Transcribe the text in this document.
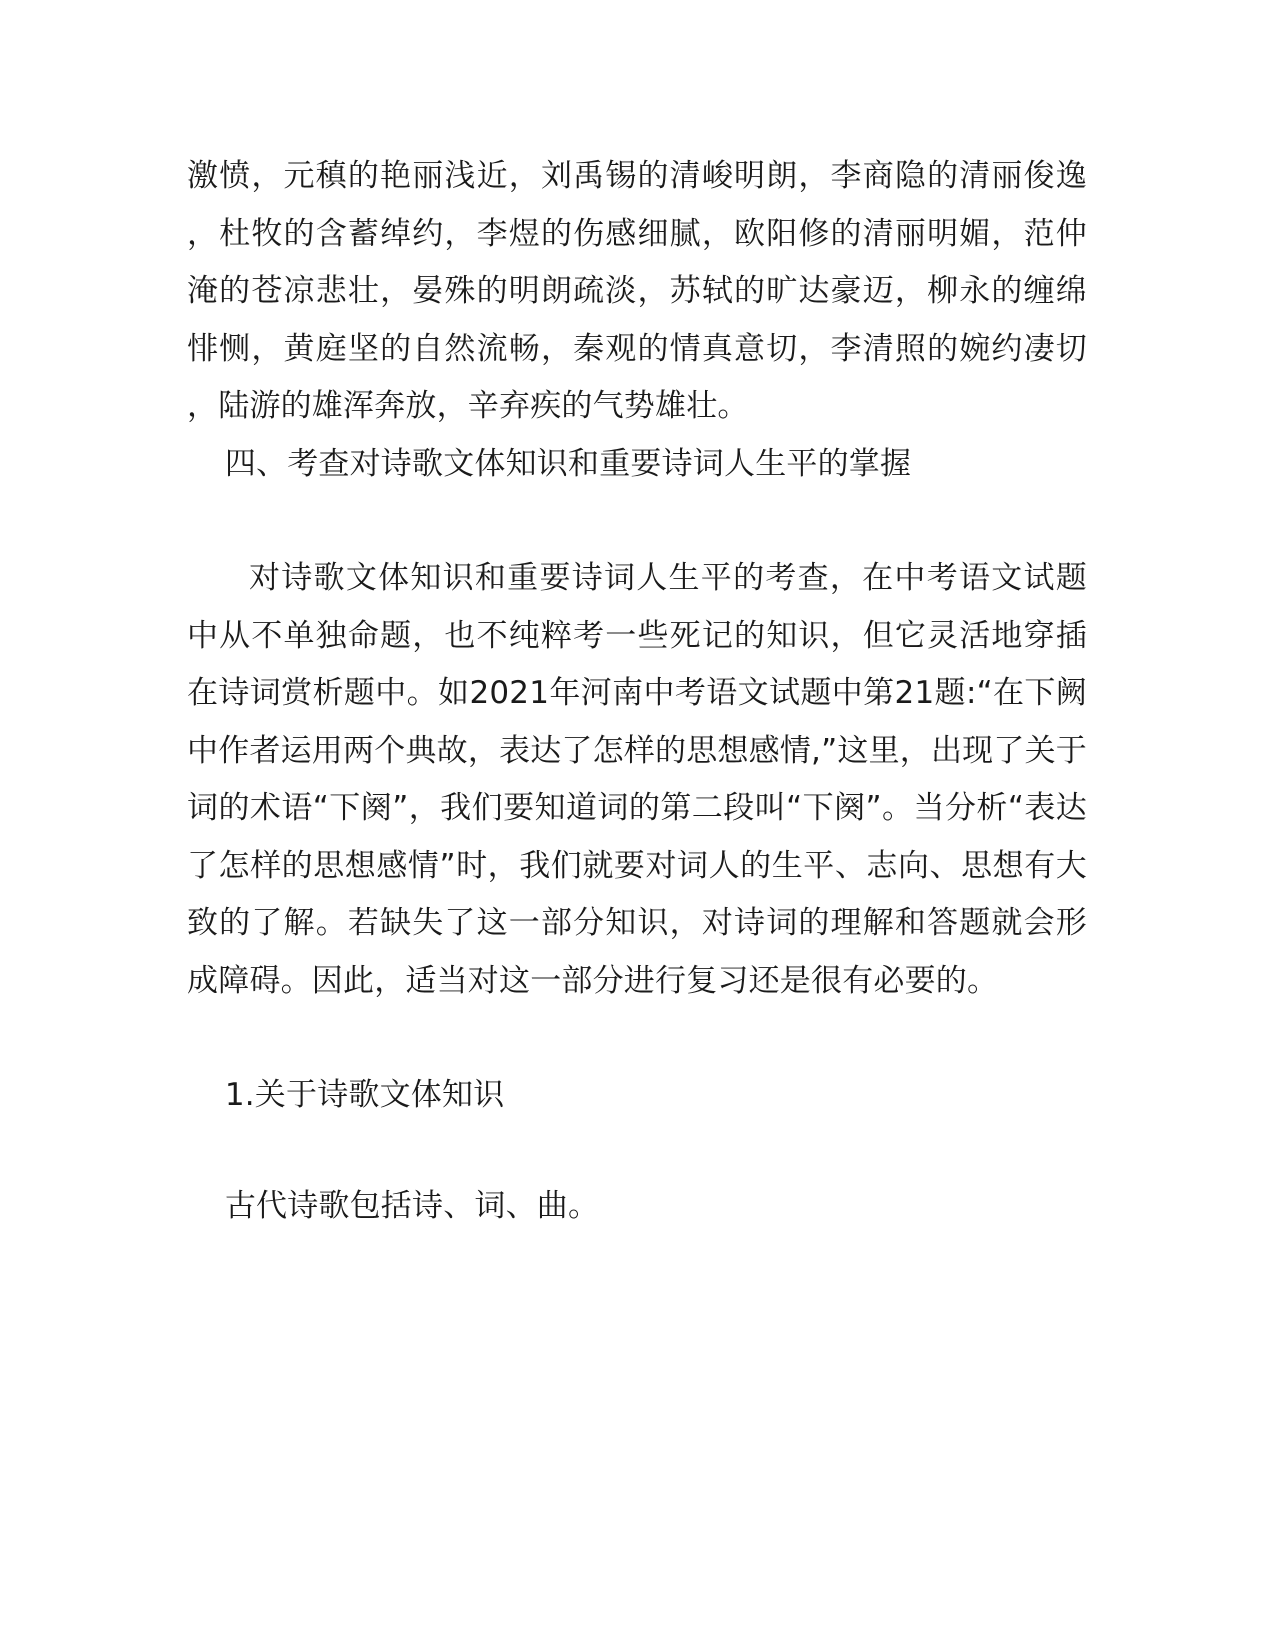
激愤，元稹的艳丽浅近，刘禹锡的清峻明朗，李商隐的清丽俊逸，杜牧的含蓄绰约，李煜的伤感细腻，欧阳修的清丽明媚，范仲淹的苍凉悲壮，晏殊的明朗疏淡，苏轼的旷达豪迈，柳永的缠绵悱恻，黄庭坚的自然流畅，秦观的情真意切，李清照的婉约凄切，陆游的雄浑奔放，辛弃疾的气势雄壮。

四、考查对诗歌文体知识和重要诗词人生平的掌握

对诗歌文体知识和重要诗词人生平的考查，在中考语文试题中从不单独命题，也不纯粹考一些死记的知识，但它灵活地穿插在诗词赏析题中。如2021年河南中考语文试题中第21题:“在下阙中作者运用两个典故，表达了怎样的思想感情,”这里，出现了关于词的术语“下阕”，我们要知道词的第二段叫“下阕”。当分析“表达了怎样的思想感情”时，我们就要对词人的生平、志向、思想有大致的了解。若缺失了这一部分知识，对诗词的理解和答题就会形成障碍。因此，适当对这一部分进行复习还是很有必要的。

1.关于诗歌文体知识

古代诗歌包括诗、词、曲。
